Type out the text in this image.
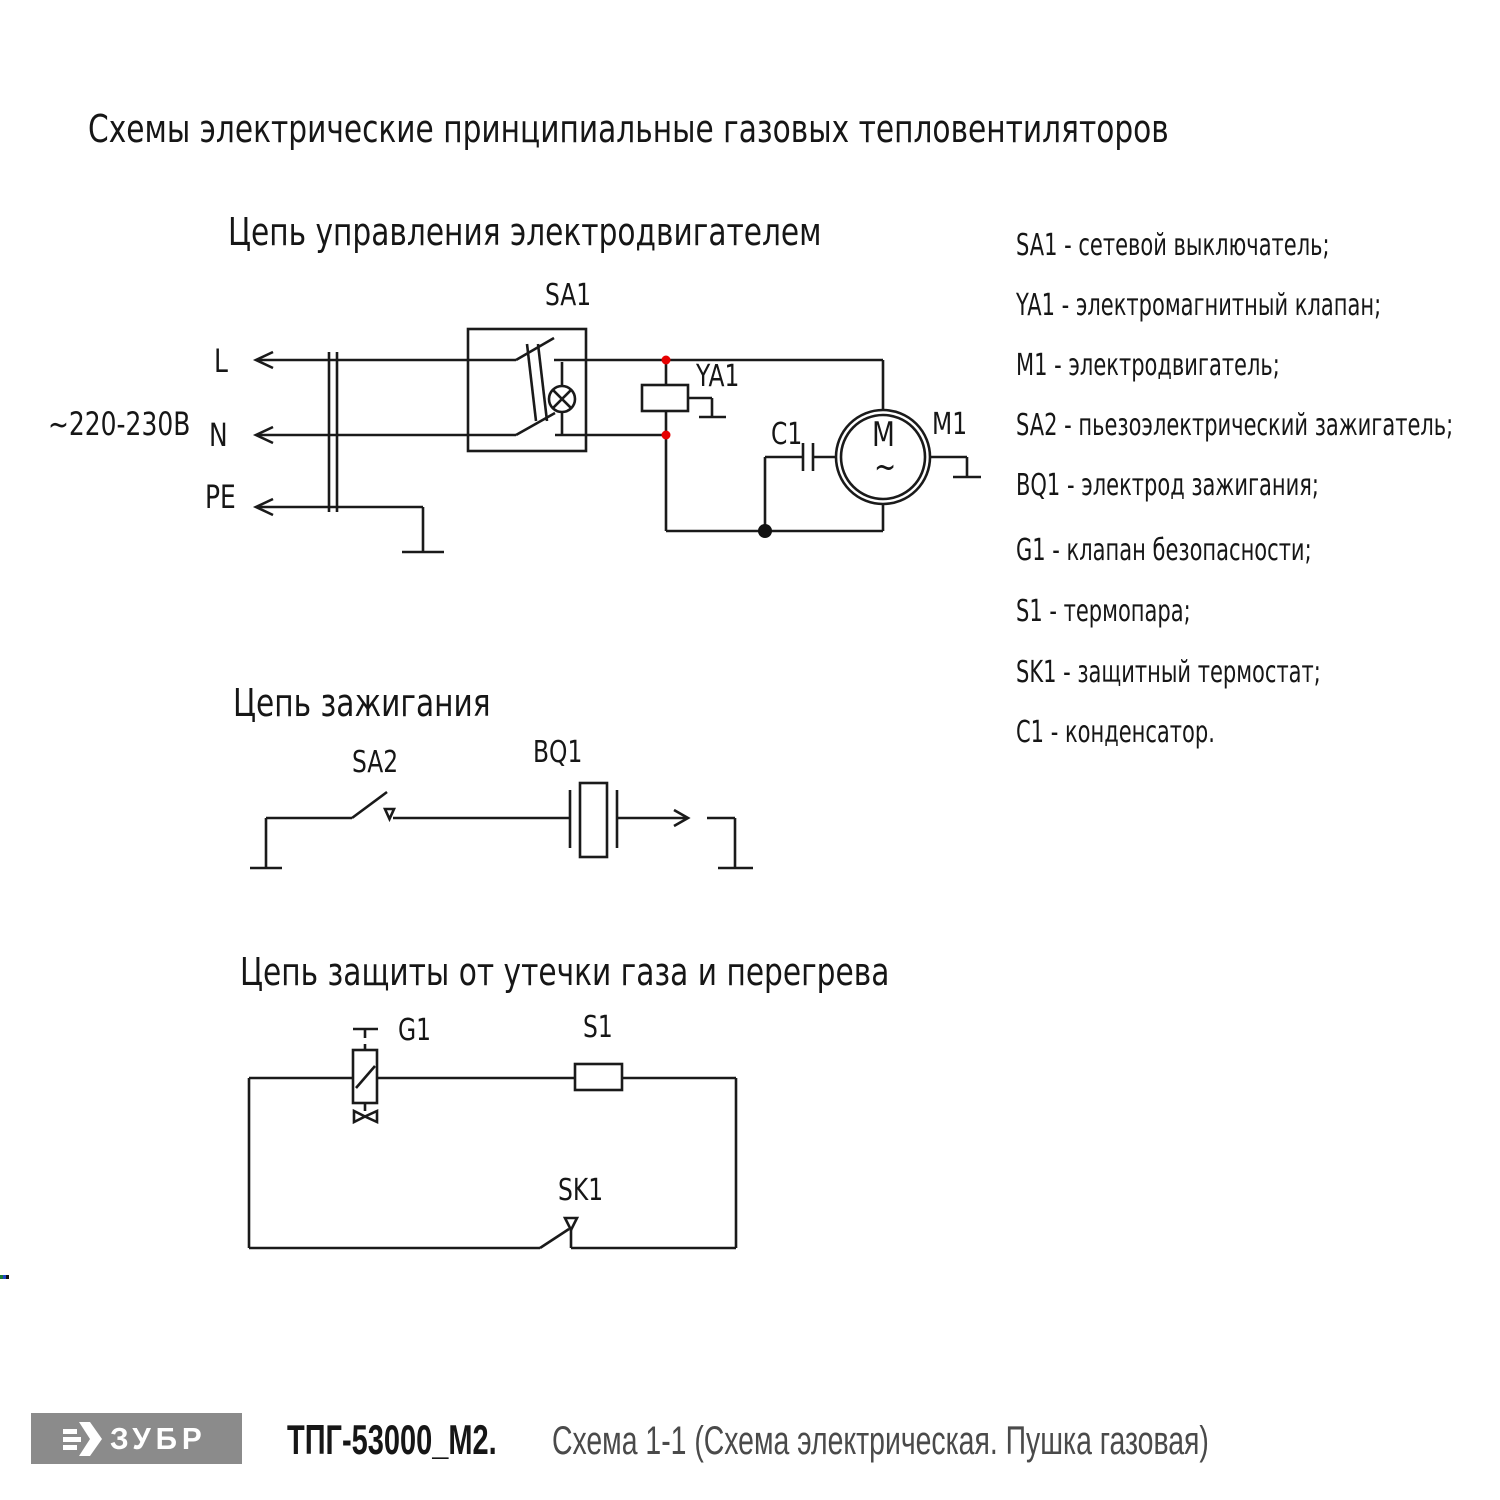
Схемы электрические принципиальные газовых тепловентиляторов
Цепь управления электродвигателем
~220-230В
L
N
PE
SA1
YA1
C1	M1
M
~
Цепь зажигания
SA2	BQ1
Цепь защиты от утечки газа и перегрева
G1	S1
SK1
SA1 - сетевой выключатель;
YA1 - электромагнитный клапан;
M1 - электродвигатель;
SA2 - пьезоэлектрический зажигатель;
BQ1 - электрод зажигания;
G1 - клапан безопасности;
S1 - термопара;
SK1 - защитный термостат;
C1 - конденсатор.
ЗУБР ТПГ-53000_М2. Схема 1-1 (Схема электрическая. Пушка газовая)
